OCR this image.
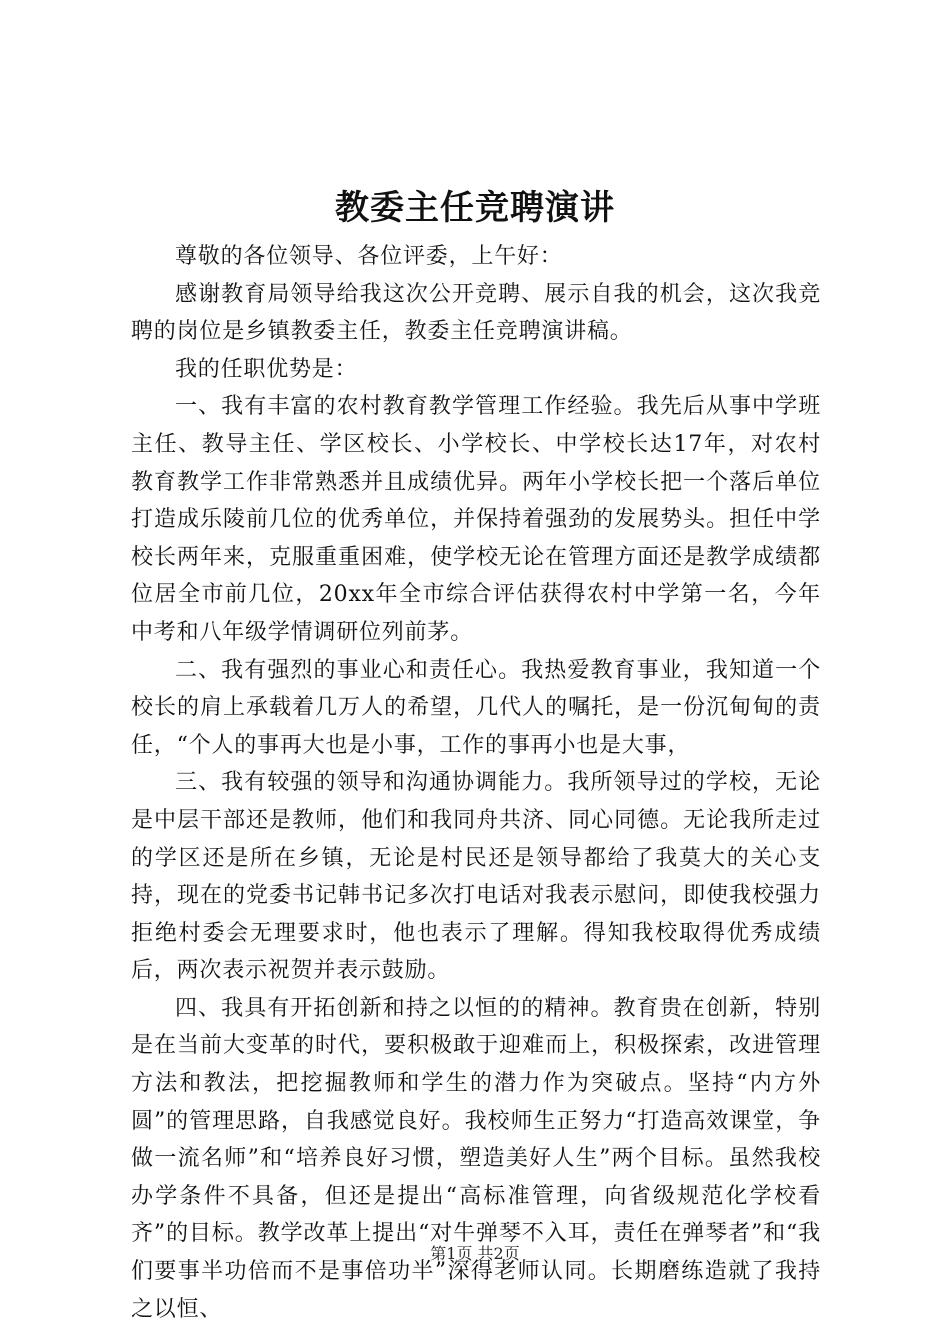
教委主任竞聘演讲

尊敬的各位领导、各位评委，上午好：

感谢教育局领导给我这次公开竞聘、展示自我的机会，这次我竞聘的岗位是乡镇教委主任，教委主任竞聘演讲稿。

我的任职优势是：

一、我有丰富的农村教育教学管理工作经验。我先后从事中学班主任、教导主任、学区校长、小学校长、中学校长达17年，对农村教育教学工作非常熟悉并且成绩优异。两年小学校长把一个落后单位打造成乐陵前几位的优秀单位，并保持着强劲的发展势头。担任中学校长两年来，克服重重困难，使学校无论在管理方面还是教学成绩都位居全市前几位，20xx年全市综合评估获得农村中学第一名，今年中考和八年级学情调研位列前茅。

二、我有强烈的事业心和责任心。我热爱教育事业，我知道一个校长的肩上承载着几万人的希望，几代人的嘱托，是一份沉甸甸的责任，“个人的事再大也是小事，工作的事再小也是大事，

三、我有较强的领导和沟通协调能力。我所领导过的学校，无论是中层干部还是教师，他们和我同舟共济、同心同德。无论我所走过的学区还是所在乡镇，无论是村民还是领导都给了我莫大的关心支持，现在的党委书记韩书记多次打电话对我表示慰问，即使我校强力拒绝村委会无理要求时，他也表示了理解。得知我校取得优秀成绩后，两次表示祝贺并表示鼓励。

四、我具有开拓创新和持之以恒的的精神。教育贵在创新，特别是在当前大变革的时代，要积极敢于迎难而上，积极探索，改进管理方法和教法，把挖掘教师和学生的潜力作为突破点。坚持“内方外圆”的管理思路，自我感觉良好。我校师生正努力“打造高效课堂，争做一流名师”和“培养良好习惯，塑造美好人生”两个目标。虽然我校办学条件不具备，但还是提出“高标准管理，向省级规范化学校看齐”的目标。教学改革上提出“对牛弹琴不入耳，责任在弹琴者”和“我们要事半功倍而不是事倍功半”深得老师认同。长期磨练造就了我持之以恒、

第1页 共2页
